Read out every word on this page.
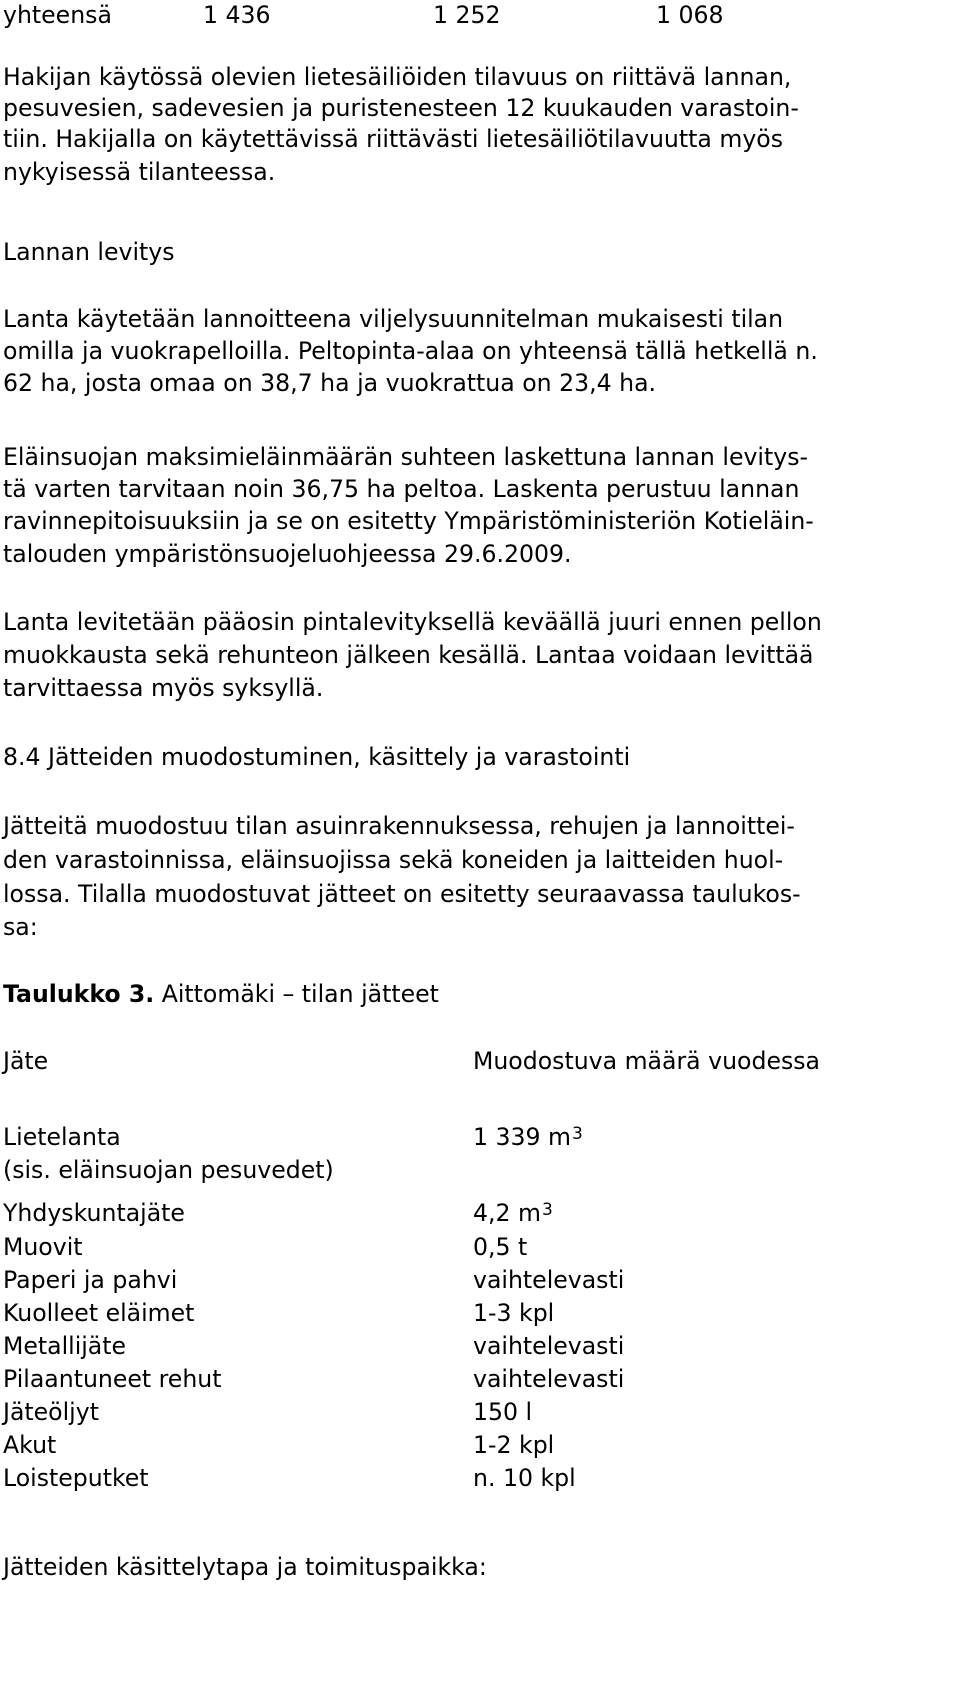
yhteensä	1 436	1 252	1 068
Hakijan käytössä olevien lietesäiliöiden tilavuus on riittävä lannan,
pesuvesien, sadevesien ja puristenesteen 12 kuukauden varastoin-
tiin. Hakijalla on käytettävissä riittävästi lietesäiliötilavuutta myös
nykyisessä tilanteessa.
Lannan levitys
Lanta käytetään lannoitteena viljelysuunnitelman mukaisesti tilan
omilla ja vuokrapelloilla. Peltopinta-alaa on yhteensä tällä hetkellä n.
62 ha, josta omaa on 38,7 ha ja vuokrattua on 23,4 ha.
Eläinsuojan maksimieläinmäärän suhteen laskettuna lannan levitys-
tä varten tarvitaan noin 36,75 ha peltoa. Laskenta perustuu lannan
ravinnepitoisuuksiin ja se on esitetty Ympäristöministeriön Kotieläin-
talouden ympäristönsuojeluohjeessa 29.6.2009.
Lanta levitetään pääosin pintalevityksellä keväällä juuri ennen pellon
muokkausta sekä rehunteon jälkeen kesällä. Lantaa voidaan levittää
tarvittaessa myös syksyllä.
8.4 Jätteiden muodostuminen, käsittely ja varastointi
Jätteitä muodostuu tilan asuinrakennuksessa, rehujen ja lannoittei-
den varastoinnissa, eläinsuojissa sekä koneiden ja laitteiden huol-
lossa. Tilalla muodostuvat jätteet on esitetty seuraavassa taulukos-
sa:
Taulukko 3. Aittomäki – tilan jätteet
Jäte	Muodostuva määrä vuodessa
Lietelanta	1 339 $m^3$
(sis. eläinsuojan pesuvedet)
Yhdyskuntajäte	4,2 $m^3$
Muovit	0,5 t
Paperi ja pahvi	vaihtelevasti
Kuolleet eläimet	1-3 kpl
Metallijäte	vaihtelevasti
Pilaantuneet rehut	vaihtelevasti
Jäteöljyt	150 l
Akut	1-2 kpl
Loisteputket	n. 10 kpl
Jätteiden käsittelytapa ja toimituspaikka:
